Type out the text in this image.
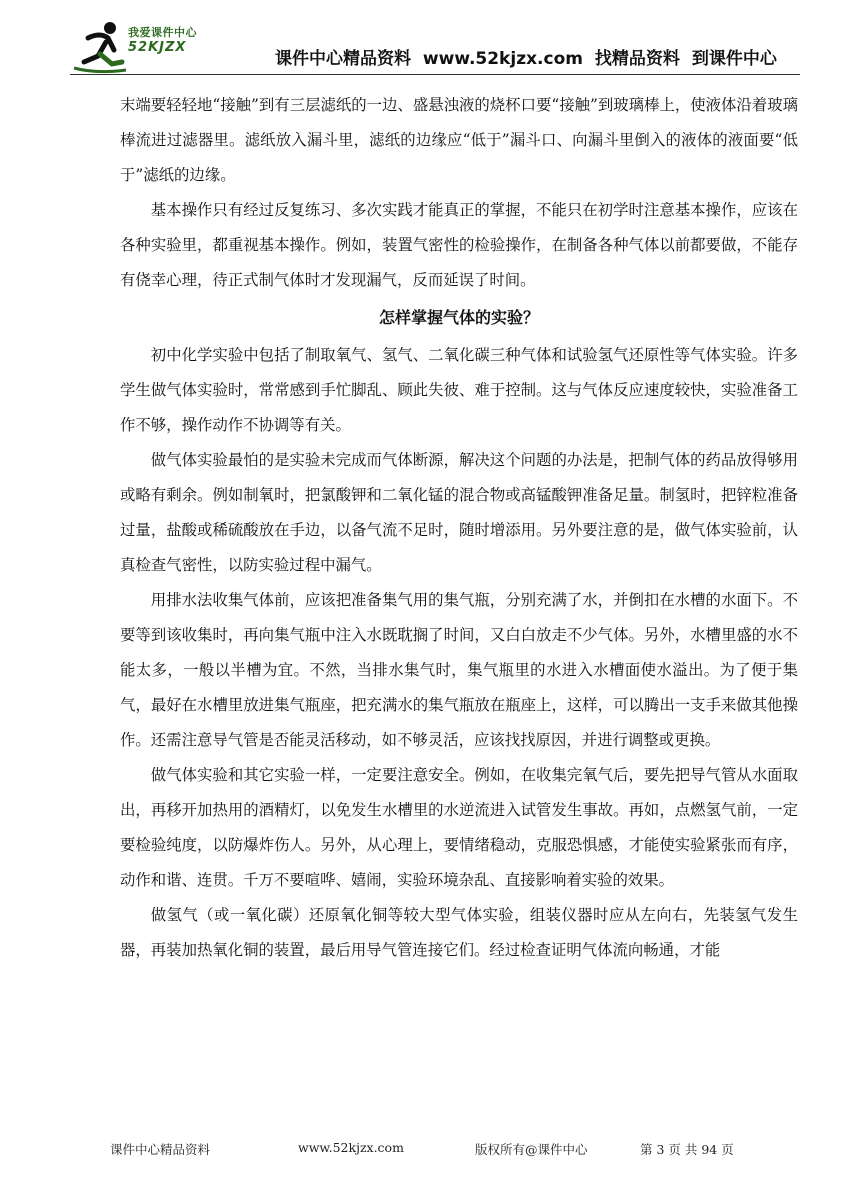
我爱课件中心
52KJZX
课件中心精品资料 www.52kjzx.com 找精品资料 到课件中心

末端要轻轻地“接触”到有三层滤纸的一边、盛悬浊液的烧杯口要“接触”到玻璃棒上，使液体沿着玻璃棒流进过滤器里。滤纸放入漏斗里，滤纸的边缘应“低于”漏斗口、向漏斗里倒入的液体的液面要“低于”滤纸的边缘。

基本操作只有经过反复练习、多次实践才能真正的掌握，不能只在初学时注意基本操作，应该在各种实验里，都重视基本操作。例如，装置气密性的检验操作，在制备各种气体以前都要做，不能存有侥幸心理，待正式制气体时才发现漏气，反而延误了时间。

怎样掌握气体的实验？

初中化学实验中包括了制取氧气、氢气、二氧化碳三种气体和试验氢气还原性等气体实验。许多学生做气体实验时，常常感到手忙脚乱、顾此失彼、难于控制。这与气体反应速度较快，实验准备工作不够，操作动作不协调等有关。

做气体实验最怕的是实验未完成而气体断源，解决这个问题的办法是，把制气体的药品放得够用或略有剩余。例如制氧时，把氯酸钾和二氧化锰的混合物或高锰酸钾准备足量。制氢时，把锌粒准备过量，盐酸或稀硫酸放在手边，以备气流不足时，随时增添用。另外要注意的是，做气体实验前，认真检查气密性，以防实验过程中漏气。

用排水法收集气体前，应该把准备集气用的集气瓶，分别充满了水，并倒扣在水槽的水面下。不要等到该收集时，再向集气瓶中注入水既耽搁了时间，又白白放走不少气体。另外，水槽里盛的水不能太多，一般以半槽为宜。不然，当排水集气时，集气瓶里的水进入水槽面使水溢出。为了便于集气，最好在水槽里放进集气瓶座，把充满水的集气瓶放在瓶座上，这样，可以腾出一支手来做其他操作。还需注意导气管是否能灵活移动，如不够灵活，应该找找原因，并进行调整或更换。

做气体实验和其它实验一样，一定要注意安全。例如，在收集完氧气后，要先把导气管从水面取出，再移开加热用的酒精灯，以免发生水槽里的水逆流进入试管发生事故。再如，点燃氢气前，一定要检验纯度，以防爆炸伤人。另外，从心理上，要情绪稳动，克服恐惧感，才能使实验紧张而有序，动作和谐、连贯。千万不要喧哗、嬉闹，实验环境杂乱、直接影响着实验的效果。

做氢气（或一氧化碳）还原氧化铜等较大型气体实验，组装仪器时应从左向右，先装氢气发生器，再装加热氧化铜的装置，最后用导气管连接它们。经过检查证明气体流向畅通，才能

课件中心精品资料	www.52kjzx.com	版权所有@课件中心	第 3 页 共 94 页
